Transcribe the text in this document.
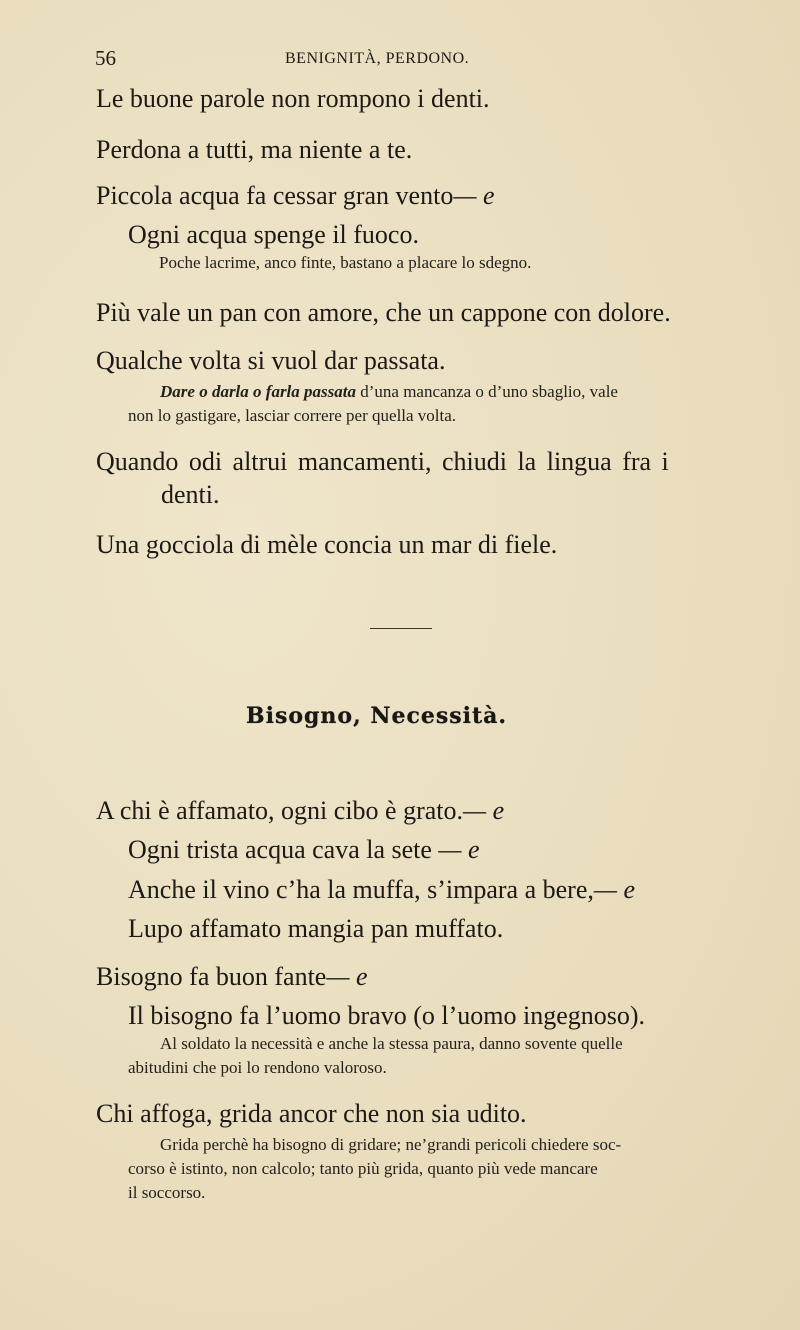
56	BENIGNITÀ, PERDONO.
Le buone parole non rompono i denti.
Perdona a tutti, ma niente a te.
Piccola acqua fa cessar gran vento— e
Ogni acqua spenge il fuoco.
Poche lacrime, anco finte, bastano a placare lo sdegno.
Più vale un pan con amore, che un cappone con dolore.
Qualche volta si vuol dar passata.
Dare o darla o farla passata d’una mancanza o d’uno sbaglio, vale
non lo gastigare, lasciar correre per quella volta.
Quando odi altrui mancamenti, chiudi la lingua fra i
denti.
Una gocciola di mèle concia un mar di fiele.
Bisogno, Necessità.
A chi è affamato, ogni cibo è grato.— e
Ogni trista acqua cava la sete — e
Anche il vino c’ha la muffa, s’impara a bere,— e
Lupo affamato mangia pan muffato.
Bisogno fa buon fante— e
Il bisogno fa l’uomo bravo (o l’uomo ingegnoso).
Al soldato la necessità e anche la stessa paura, danno sovente quelle
abitudini che poi lo rendono valoroso.
Chi affoga, grida ancor che non sia udito.
Grida perchè ha bisogno di gridare; ne’grandi pericoli chiedere soc-
corso è istinto, non calcolo; tanto più grida, quanto più vede mancare
il soccorso.
